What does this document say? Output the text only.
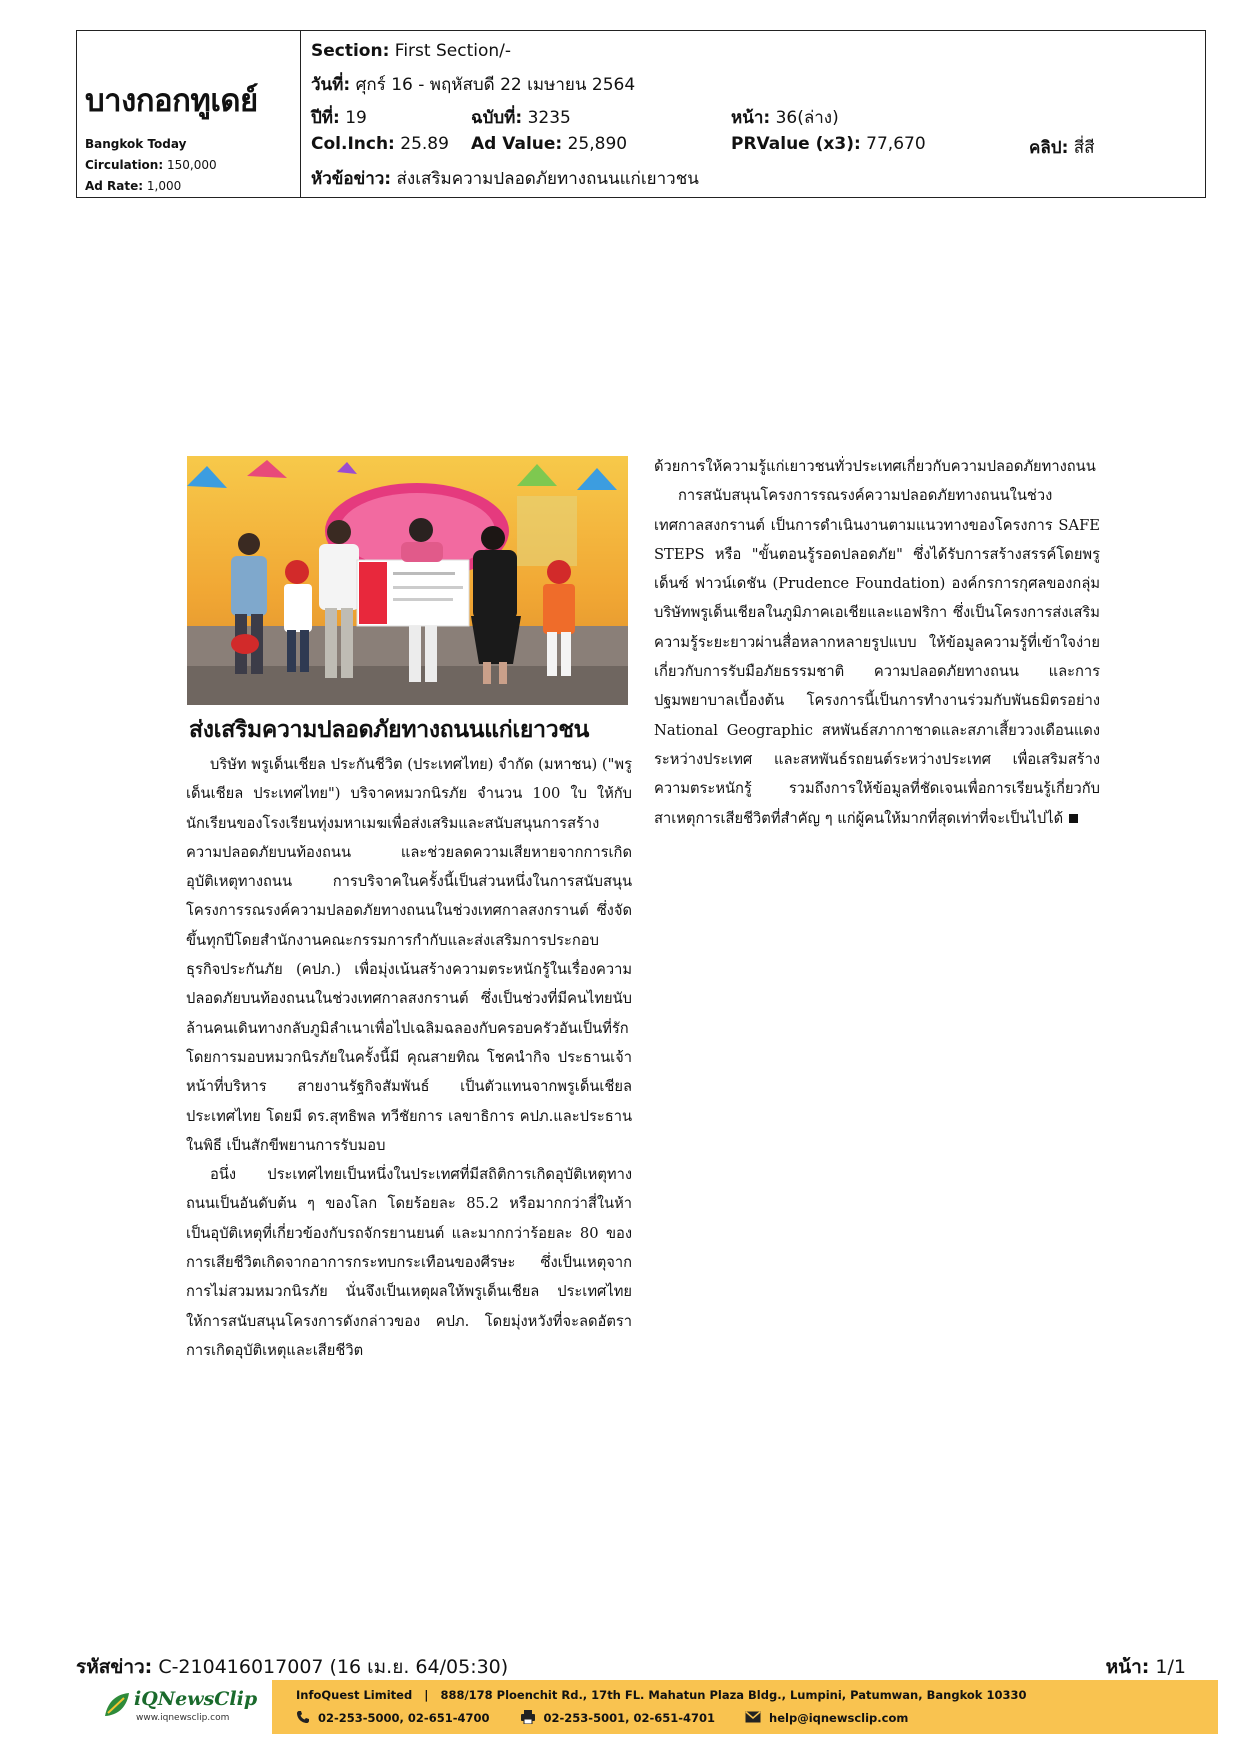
บางกอกทูเดย์
Bangkok Today
Circulation: 150,000
Ad Rate: 1,000
Section: First Section/-
วันที่: ศุกร์ 16 - พฤหัสบดี 22 เมษายน 2564
ปีที่: 19	ฉบับที่: 3235	หน้า: 36(ล่าง)
Col.Inch: 25.89 Ad Value: 25,890	PRValue (x3): 77,670	คลิป: สี่สี
หัวข้อข่าว: ส่งเสริมความปลอดภัยทางถนนแก่เยาวชน
ส่งเสริมความปลอดภัยทางถนนแก่เยาวชน

บริษัท พรูเด็นเชียล ประกันชีวิต (ประเทศไทย) จำกัด (มหาชน) ("พรูเด็นเชียล ประเทศไทย") บริจาคหมวกนิรภัย จำนวน 100 ใบ ให้กับนักเรียนของโรงเรียนทุ่งมหาเมฆเพื่อส่งเสริมและสนับสนุนการสร้างความปลอดภัยบนท้องถนน และช่วยลดความเสียหายจากการเกิดอุบัติเหตุทางถนน การบริจาคในครั้งนี้เป็นส่วนหนึ่งในการสนับสนุนโครงการรณรงค์ความปลอดภัยทางถนนในช่วงเทศกาลสงกรานต์ ซึ่งจัดขึ้นทุกปีโดยสำนักงานคณะกรรมการกำกับและส่งเสริมการประกอบธุรกิจประกันภัย (คปภ.) เพื่อมุ่งเน้นสร้างความตระหนักรู้ในเรื่องความปลอดภัยบนท้องถนนในช่วงเทศกาลสงกรานต์ ซึ่งเป็นช่วงที่มีคนไทยนับล้านคนเดินทางกลับภูมิลำเนาเพื่อไปเฉลิมฉลองกับครอบครัวอันเป็นที่รัก โดยการมอบหมวกนิรภัยในครั้งนี้มี คุณสายทิณ โชคนำกิจ ประธานเจ้าหน้าที่บริหาร สายงานรัฐกิจสัมพันธ์ เป็นตัวแทนจากพรูเด็นเชียลประเทศไทย โดยมี ดร.สุทธิพล ทวีชัยการ เลขาธิการ คปภ.และประธานในพิธี เป็นสักขีพยานการรับมอบ

อนึ่ง ประเทศไทยเป็นหนึ่งในประเทศที่มีสถิติการเกิดอุบัติเหตุทางถนนเป็นอันดับต้น ๆ ของโลก โดยร้อยละ 85.2 หรือมากกว่าสี่ในห้า เป็นอุบัติเหตุที่เกี่ยวข้องกับรถจักรยานยนต์ และมากกว่าร้อยละ 80 ของการเสียชีวิตเกิดจากอาการกระทบกระเทือนของศีรษะ ซึ่งเป็นเหตุจากการไม่สวมหมวกนิรภัย นั่นจึงเป็นเหตุผลให้พรูเด็นเชียล ประเทศไทย ให้การสนับสนุนโครงการดังกล่าวของ คปภ. โดยมุ่งหวังที่จะลดอัตราการเกิดอุบัติเหตุและเสียชีวิต

ด้วยการให้ความรู้แก่เยาวชนทั่วประเทศเกี่ยวกับความปลอดภัยทางถนน

การสนับสนุนโครงการรณรงค์ความปลอดภัยทางถนนในช่วงเทศกาลสงกรานต์ เป็นการดำเนินงานตามแนวทางของโครงการ SAFE STEPS หรือ "ขั้นตอนรู้รอดปลอดภัย" ซึ่งได้รับการสร้างสรรค์โดยพรูเด็นซ์ ฟาวน์เดชัน (Prudence Foundation) องค์กรการกุศลของกลุ่มบริษัทพรูเด็นเชียลในภูมิภาคเอเชียและแอฟริกา ซึ่งเป็นโครงการส่งเสริมความรู้ระยะยาวผ่านสื่อหลากหลายรูปแบบ ให้ข้อมูลความรู้ที่เข้าใจง่ายเกี่ยวกับการรับมือภัยธรรมชาติ ความปลอดภัยทางถนน และการปฐมพยาบาลเบื้องต้น โครงการนี้เป็นการทำงานร่วมกับพันธมิตรอย่าง National Geographic สหพันธ์สภากาชาดและสภาเสี้ยววงเดือนแดงระหว่างประเทศ และสหพันธ์รถยนต์ระหว่างประเทศ เพื่อเสริมสร้างความตระหนักรู้ รวมถึงการให้ข้อมูลที่ชัดเจนเพื่อการเรียนรู้เกี่ยวกับสาเหตุการเสียชีวิตที่สำคัญ ๆ แก่ผู้คนให้มากที่สุดเท่าที่จะเป็นไปได้

รหัสข่าว: C-210416017007 (16 เม.ย. 64/05:30)	หน้า: 1/1
iQNewsClip
www.iqnewsclip.com
InfoQuest Limited | 888/178 Ploenchit Rd., 17th FL. Mahatun Plaza Bldg., Lumpini, Patumwan, Bangkok 10330
02-253-5000, 02-651-4700	02-253-5001, 02-651-4701	help@iqnewsclip.com
